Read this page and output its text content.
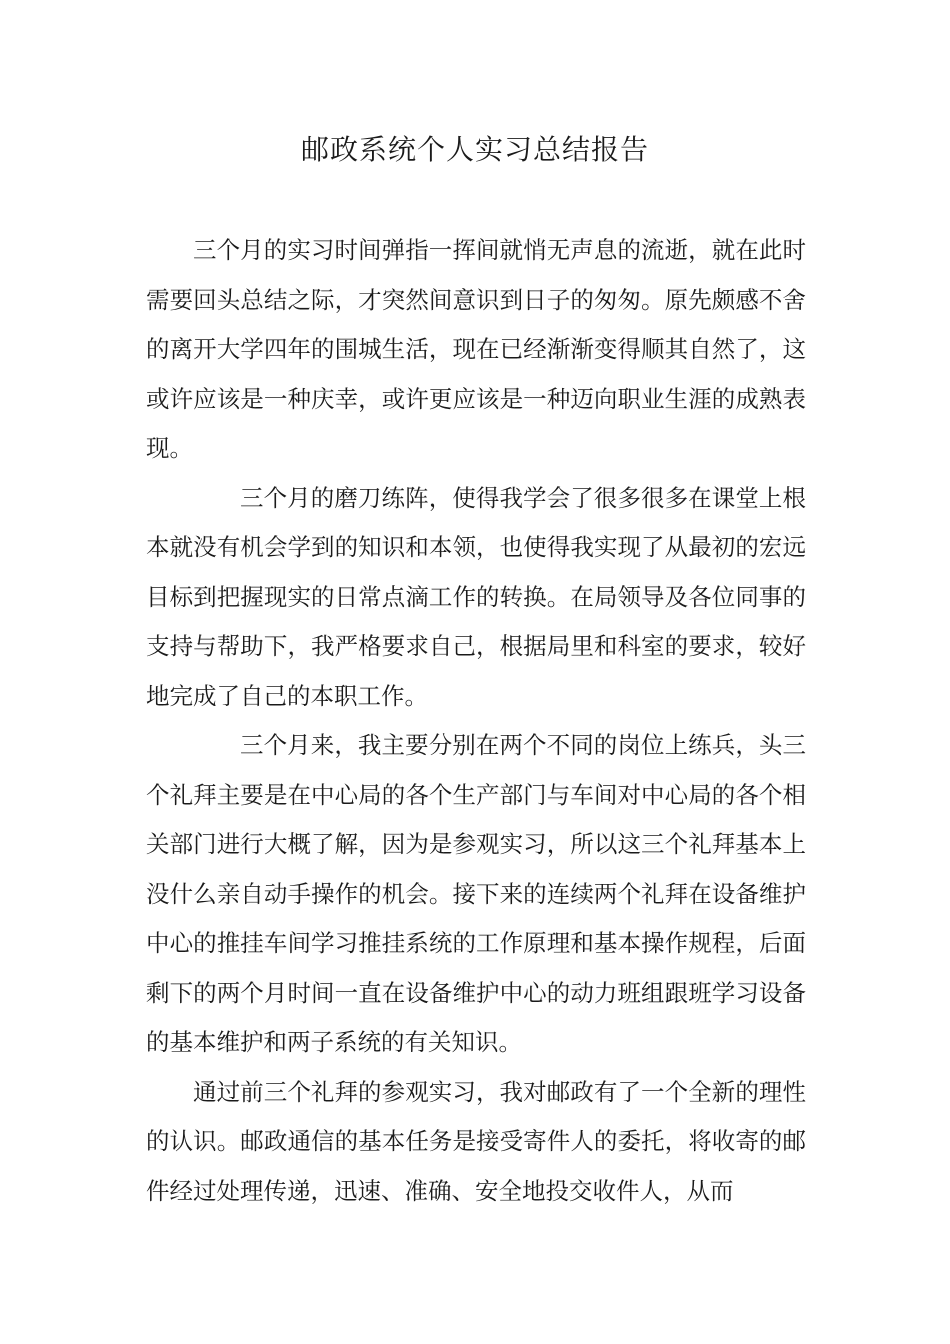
邮政系统个人实习总结报告

三个月的实习时间弹指一挥间就悄无声息的流逝，就在此时需要回头总结之际，才突然间意识到日子的匆匆。原先颇感不舍的离开大学四年的围城生活，现在已经渐渐变得顺其自然了，这或许应该是一种庆幸，或许更应该是一种迈向职业生涯的成熟表现。

三个月的磨刀练阵，使得我学会了很多很多在课堂上根本就没有机会学到的知识和本领，也使得我实现了从最初的宏远目标到把握现实的日常点滴工作的转换。在局领导及各位同事的支持与帮助下，我严格要求自己，根据局里和科室的要求，较好地完成了自己的本职工作。

三个月来，我主要分别在两个不同的岗位上练兵，头三个礼拜主要是在中心局的各个生产部门与车间对中心局的各个相关部门进行大概了解，因为是参观实习，所以这三个礼拜基本上没什么亲自动手操作的机会。接下来的连续两个礼拜在设备维护中心的推挂车间学习推挂系统的工作原理和基本操作规程，后面剩下的两个月时间一直在设备维护中心的动力班组跟班学习设备的基本维护和两子系统的有关知识。

通过前三个礼拜的参观实习，我对邮政有了一个全新的理性的认识。邮政通信的基本任务是接受寄件人的委托，将收寄的邮件经过处理传递，迅速、准确、安全地投交收件人，从而
